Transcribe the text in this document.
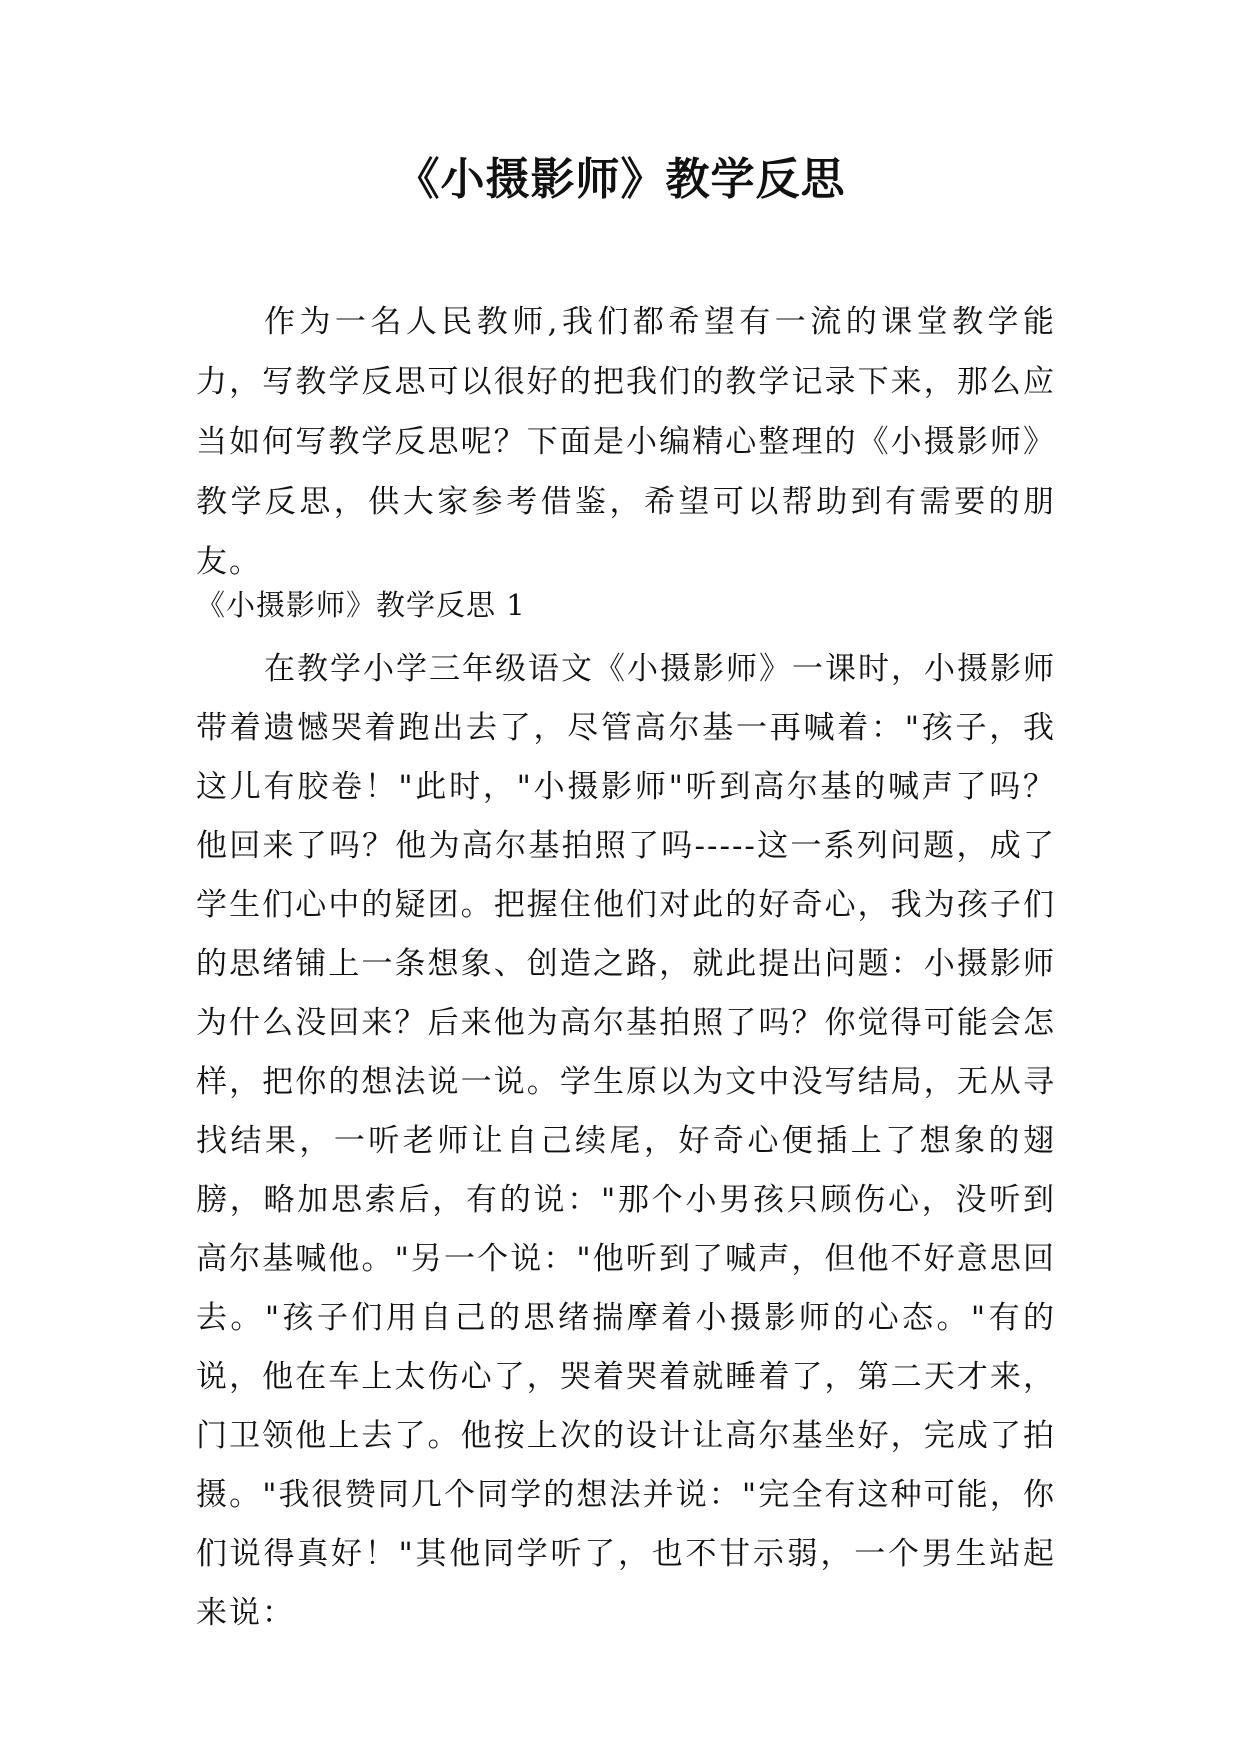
《小摄影师》教学反思
作为一名人民教师,我们都希望有一流的课堂教学能力，写教学反思可以很好的把我们的教学记录下来，那么应当如何写教学反思呢？下面是小编精心整理的《小摄影师》教学反思，供大家参考借鉴，希望可以帮助到有需要的朋友。
《小摄影师》教学反思 1
在教学小学三年级语文《小摄影师》一课时，小摄影师带着遗憾哭着跑出去了，尽管高尔基一再喊着："孩子，我这儿有胶卷！"此时，"小摄影师"听到高尔基的喊声了吗？他回来了吗？他为高尔基拍照了吗-----这一系列问题，成了学生们心中的疑团。把握住他们对此的好奇心，我为孩子们的思绪铺上一条想象、创造之路，就此提出问题：小摄影师为什么没回来？后来他为高尔基拍照了吗？你觉得可能会怎样，把你的想法说一说。学生原以为文中没写结局，无从寻找结果，一听老师让自己续尾，好奇心便插上了想象的翅膀，略加思索后，有的说："那个小男孩只顾伤心，没听到高尔基喊他。"另一个说："他听到了喊声，但他不好意思回去。"孩子们用自己的思绪揣摩着小摄影师的心态。"有的说，他在车上太伤心了，哭着哭着就睡着了，第二天才来，门卫领他上去了。他按上次的设计让高尔基坐好，完成了拍摄。"我很赞同几个同学的想法并说："完全有这种可能，你们说得真好！"其他同学听了，也不甘示弱，一个男生站起来说：
